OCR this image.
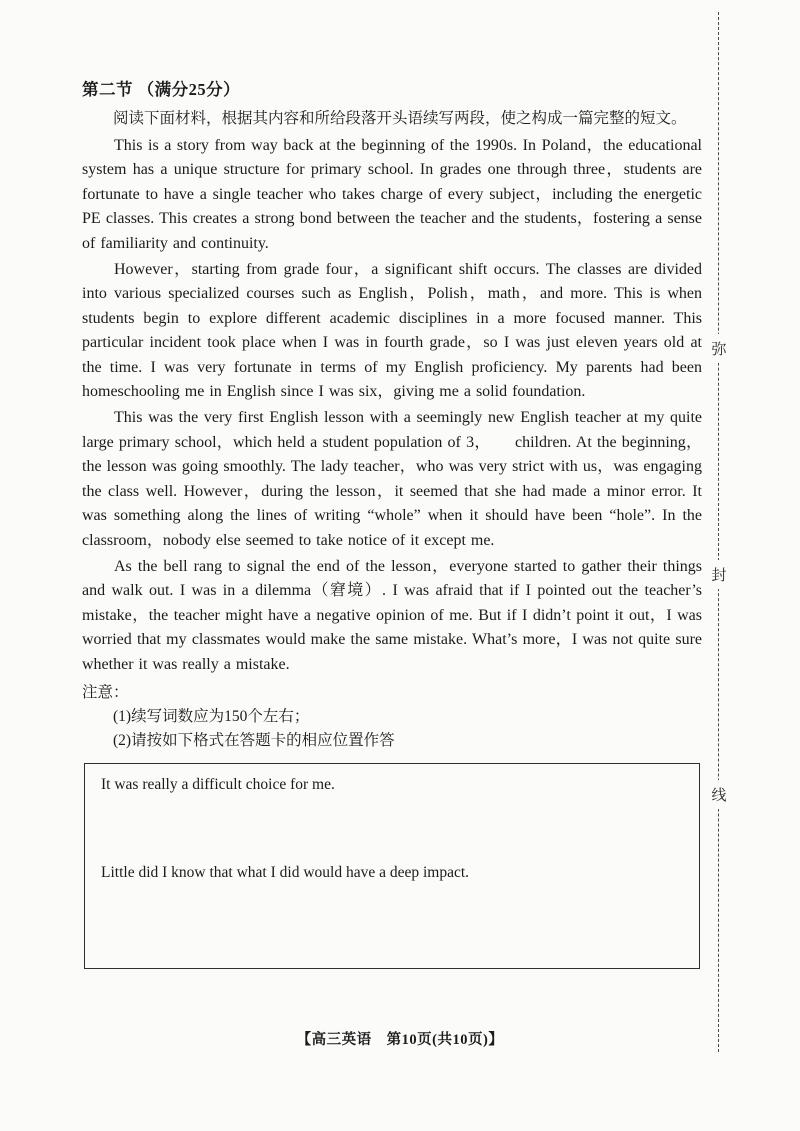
第二节 （满分25分）

阅读下面材料，根据其内容和所给段落开头语续写两段，使之构成一篇完整的短文。

This is a story from way back at the beginning of the 1990s. In Poland，the educational system has a unique structure for primary school. In grades one through three，students are fortunate to have a single teacher who takes charge of every subject，including the energetic PE classes. This creates a strong bond between the teacher and the students，fostering a sense of familiarity and continuity.

However，starting from grade four，a significant shift occurs. The classes are divided into various specialized courses such as English，Polish，math，and more. This is when students begin to explore different academic disciplines in a more focused manner. This particular incident took place when I was in fourth grade，so I was just eleven years old at the time. I was very fortunate in terms of my English proficiency. My parents had been homeschooling me in English since I was six，giving me a solid foundation.

This was the very first English lesson with a seemingly new English teacher at my quite large primary school，which held a student population of 3，　　children. At the beginning，the lesson was going smoothly. The lady teacher，who was very strict with us，was engaging the class well. However，during the lesson，it seemed that she had made a minor error. It was something along the lines of writing “whole” when it should have been “hole”. In the classroom，nobody else seemed to take notice of it except me.

As the bell rang to signal the end of the lesson，everyone started to gather their things and walk out. I was in a dilemma（窘境）. I was afraid that if I pointed out the teacher’s mistake，the teacher might have a negative opinion of me. But if I didn’t point it out，I was worried that my classmates would make the same mistake. What’s more，I was not quite sure whether it was really a mistake.

注意：

(1)续写词数应为150个左右；

(2)请按如下格式在答题卡的相应位置作答

It was really a difficult choice for me.

Little did I know that what I did would have a deep impact.

弥
封
线
【高三英语　第10页(共10页)】
